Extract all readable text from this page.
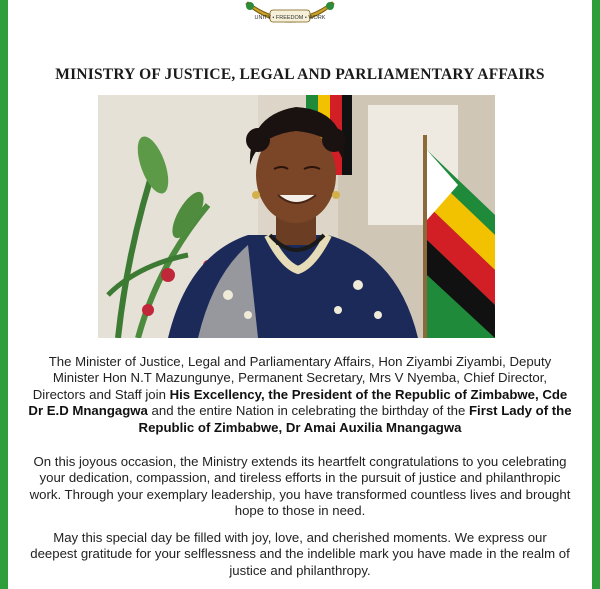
UNITY • FREEDOM • WORK
MINISTRY OF JUSTICE, LEGAL AND PARLIAMENTARY AFFAIRS
The Minister of Justice, Legal and Parliamentary Affairs, Hon Ziyambi Ziyambi, Deputy Minister Hon N.T Mazungunye, Permanent Secretary, Mrs V Nyemba, Chief Director, Directors and Staff join His Excellency, the President of the Republic of Zimbabwe, Cde Dr E.D Mnangagwa and the entire Nation in celebrating the birthday of the First Lady of the Republic of Zimbabwe, Dr Amai Auxilia Mnangagwa
On this joyous occasion, the Ministry extends its heartfelt congratulations to you celebrating your dedication, compassion, and tireless efforts in the pursuit of justice and philanthropic work. Through your exemplary leadership, you have transformed countless lives and brought hope to those in need.
May this special day be filled with joy, love, and cherished moments. We express our deepest gratitude for your selflessness and the indelible mark you have made in the realm of justice and philanthropy.
